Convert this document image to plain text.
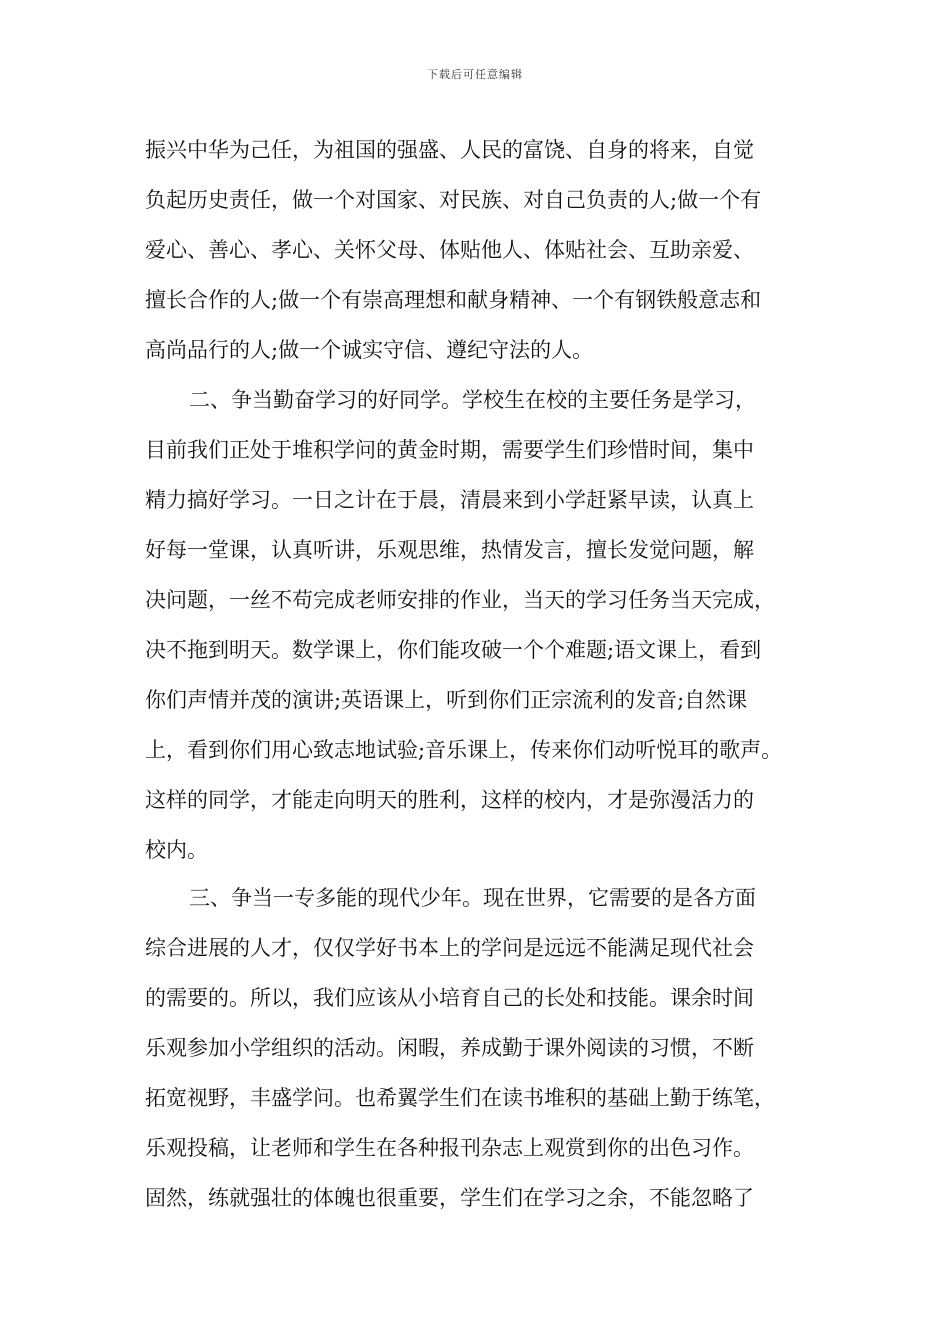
下载后可任意编辑
振兴中华为己任，为祖国的强盛、人民的富饶、自身的将来，自觉
负起历史责任，做一个对国家、对民族、对自己负责的人;做一个有
爱心、善心、孝心、关怀父母、体贴他人、体贴社会、互助亲爱、
擅长合作的人;做一个有崇高理想和献身精神、一个有钢铁般意志和
高尚品行的人;做一个诚实守信、遵纪守法的人。
二、争当勤奋学习的好同学。学校生在校的主要任务是学习，
目前我们正处于堆积学问的黄金时期，需要学生们珍惜时间，集中
精力搞好学习。一日之计在于晨，清晨来到小学赶紧早读，认真上
好每一堂课，认真听讲，乐观思维，热情发言，擅长发觉问题，解
决问题，一丝不苟完成老师安排的作业，当天的学习任务当天完成，
决不拖到明天。数学课上，你们能攻破一个个难题;语文课上，看到
你们声情并茂的演讲;英语课上，听到你们正宗流利的发音;自然课
上，看到你们用心致志地试验;音乐课上，传来你们动听悦耳的歌声。
这样的同学，才能走向明天的胜利，这样的校内，才是弥漫活力的
校内。
三、争当一专多能的现代少年。现在世界，它需要的是各方面
综合进展的人才，仅仅学好书本上的学问是远远不能满足现代社会
的需要的。所以，我们应该从小培育自己的长处和技能。课余时间
乐观参加小学组织的活动。闲暇，养成勤于课外阅读的习惯，不断
拓宽视野，丰盛学问。也希翼学生们在读书堆积的基础上勤于练笔，
乐观投稿，让老师和学生在各种报刊杂志上观赏到你的出色习作。
固然，练就强壮的体魄也很重要，学生们在学习之余，不能忽略了
